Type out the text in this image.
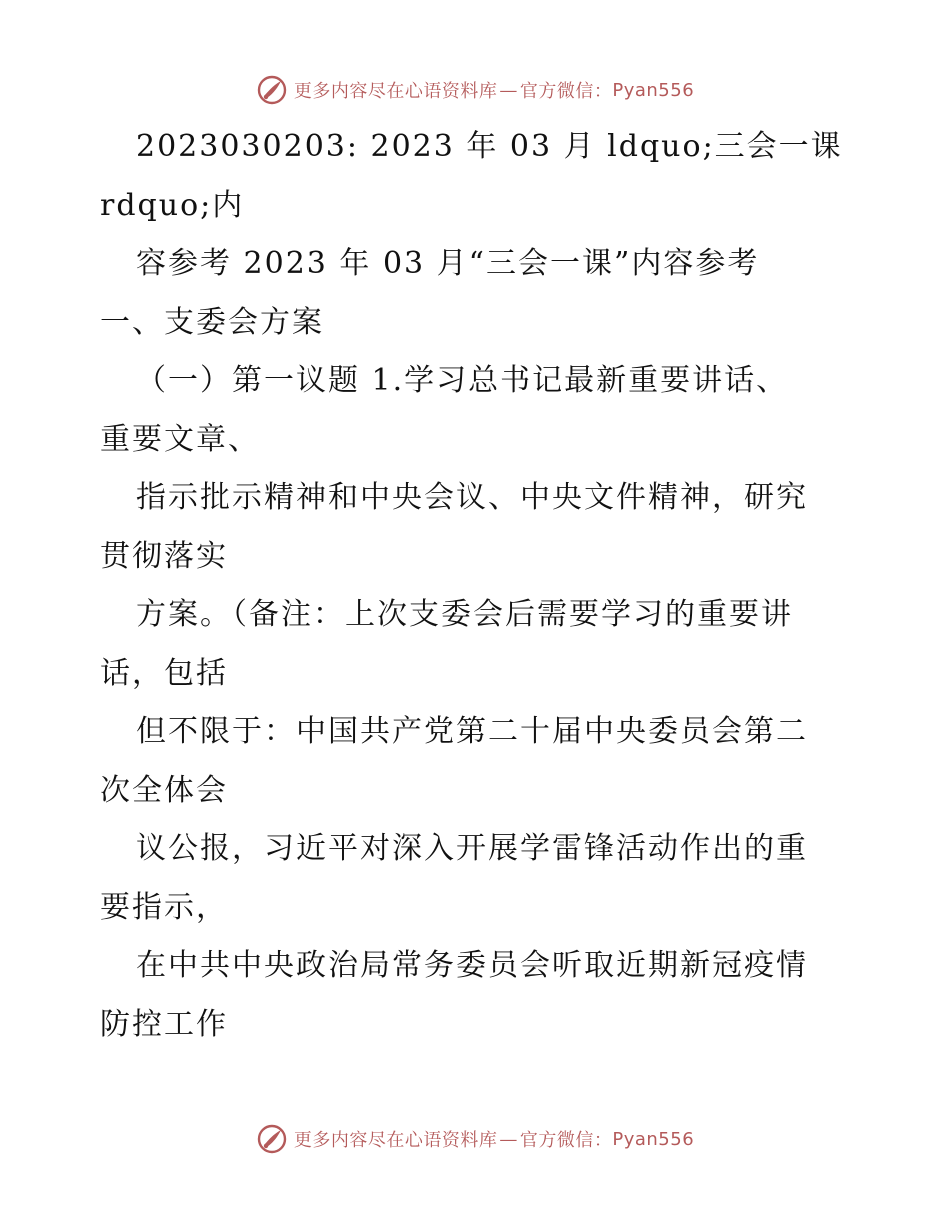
更多内容尽在心语资料库 — 官方微信： Pyan556
2023030203: 2023 年 03 月 ldquo;三会一课
rdquo;内
容参考 2023 年 03 月“三会一课”内容参考
一、支委会方案
（一）第一议题 1.学习总书记最新重要讲话、
重要文章、
指示批示精神和中央会议、中央文件精神，研究
贯彻落实
方案。（备注：上次支委会后需要学习的重要讲
话，包括
但不限于：中国共产党第二十届中央委员会第二
次全体会
议公报，习近平对深入开展学雷锋活动作出的重
要指示，
在中共中央政治局常务委员会听取近期新冠疫情
防控工作
更多内容尽在心语资料库 — 官方微信： Pyan556
